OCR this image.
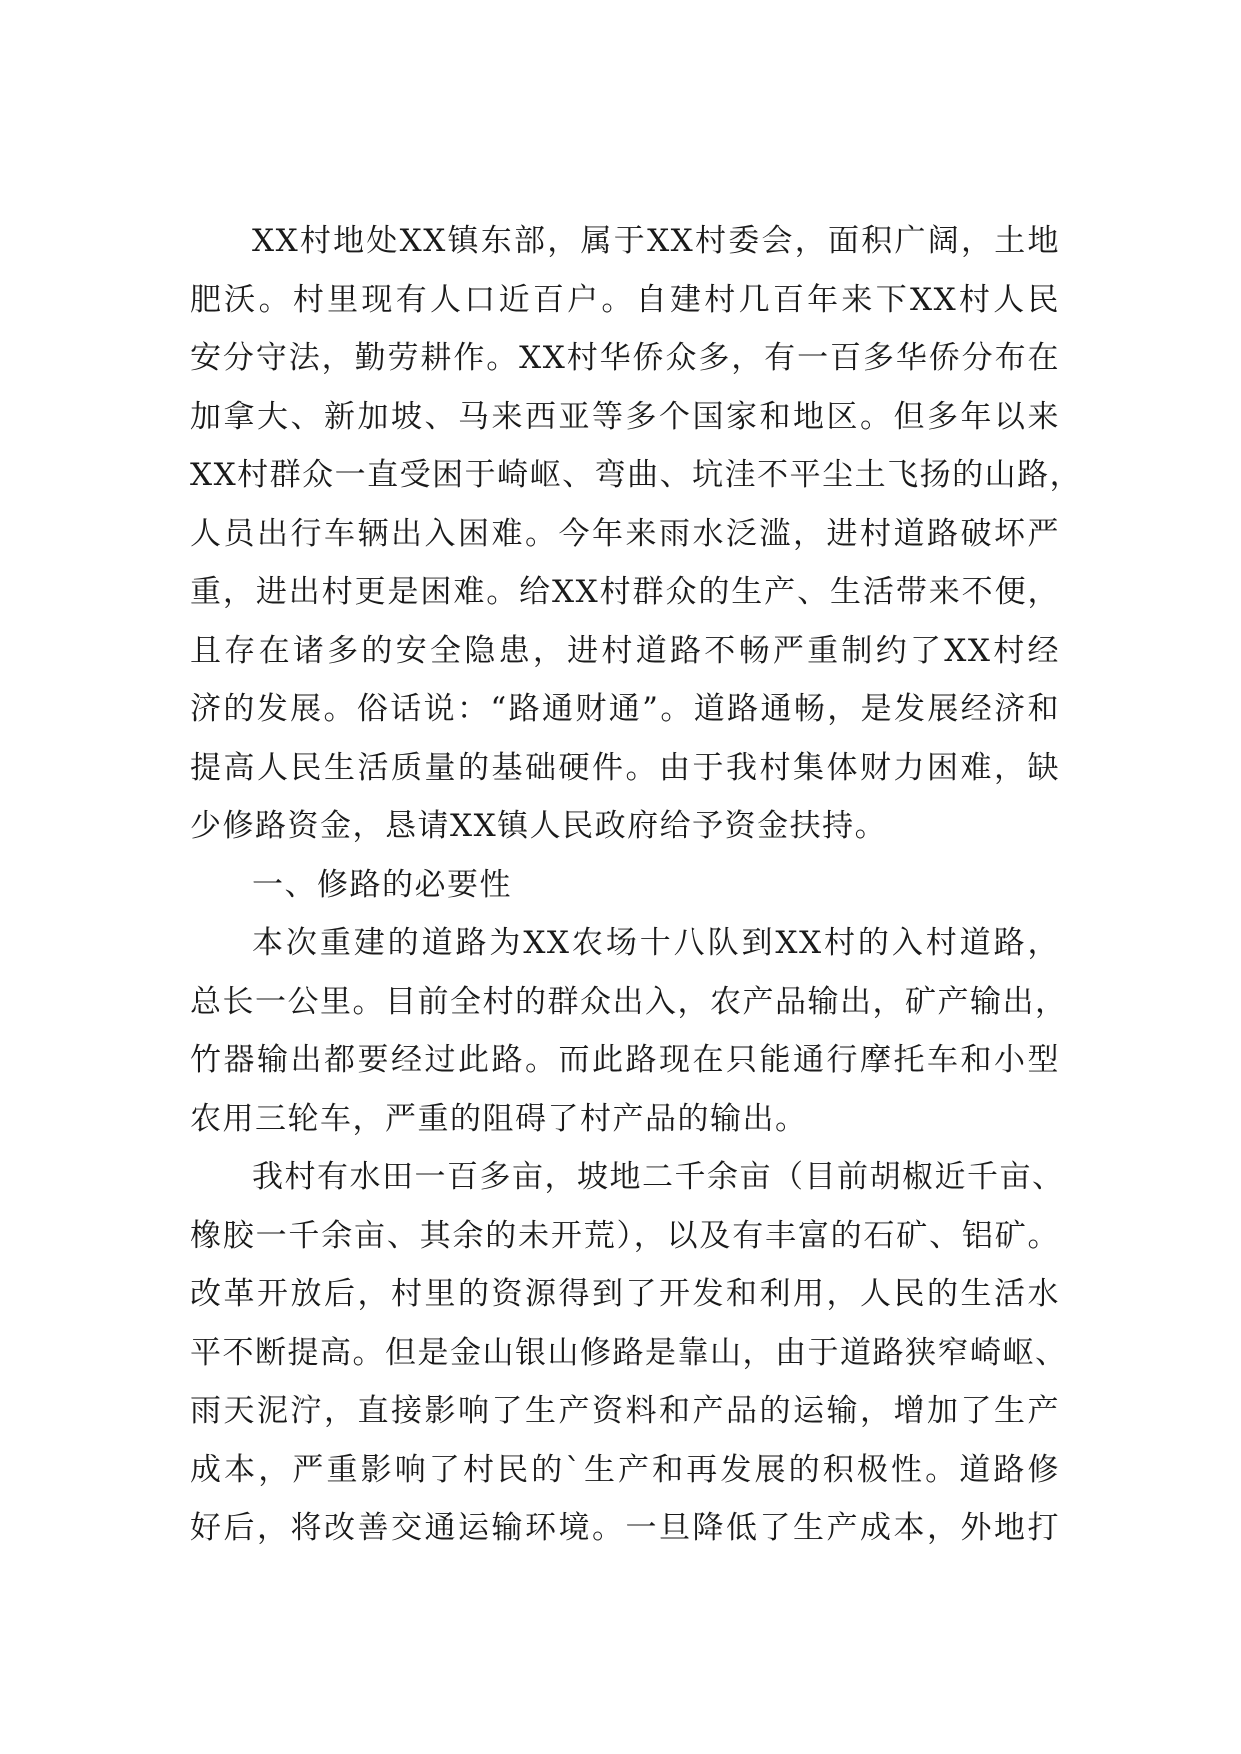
XX村地处XX镇东部，属于XX村委会，面积广阔，土地
肥沃。村里现有人口近百户。自建村几百年来下XX村人民
安分守法，勤劳耕作。XX村华侨众多，有一百多华侨分布在
加拿大、新加坡、马来西亚等多个国家和地区。但多年以来
XX村群众一直受困于崎岖、弯曲、坑洼不平尘土飞扬的山路，
人员出行车辆出入困难。今年来雨水泛滥，进村道路破坏严
重，进出村更是困难。给XX村群众的生产、生活带来不便，
且存在诸多的安全隐患，进村道路不畅严重制约了XX村经
济的发展。俗话说：“路通财通”。道路通畅，是发展经济和
提高人民生活质量的基础硬件。由于我村集体财力困难，缺
少修路资金，恳请XX镇人民政府给予资金扶持。
一、修路的必要性
本次重建的道路为XX农场十八队到XX村的入村道路，
总长一公里。目前全村的群众出入，农产品输出，矿产输出，
竹器输出都要经过此路。而此路现在只能通行摩托车和小型
农用三轮车，严重的阻碍了村产品的输出。
我村有水田一百多亩，坡地二千余亩（目前胡椒近千亩、
橡胶一千余亩、其余的未开荒），以及有丰富的石矿、铝矿。
改革开放后，村里的资源得到了开发和利用，人民的生活水
平不断提高。但是金山银山修路是靠山，由于道路狭窄崎岖、
雨天泥泞，直接影响了生产资料和产品的运输，增加了生产
成本，严重影响了村民的`生产和再发展的积极性。道路修
好后，将改善交通运输环境。一旦降低了生产成本，外地打
